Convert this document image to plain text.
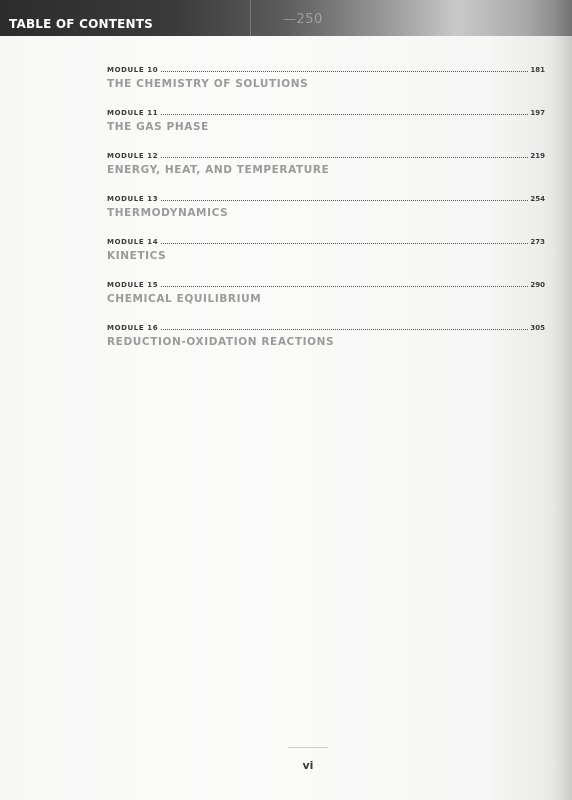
—250
TABLE OF CONTENTS
MODULE 10	181
THE CHEMISTRY OF SOLUTIONS
MODULE 11	197
THE GAS PHASE
MODULE 12	219
ENERGY, HEAT, AND TEMPERATURE
MODULE 13	254
THERMODYNAMICS
MODULE 14	273
KINETICS
MODULE 15	290
CHEMICAL EQUILIBRIUM
MODULE 16	305
REDUCTION-OXIDATION REACTIONS
vi
